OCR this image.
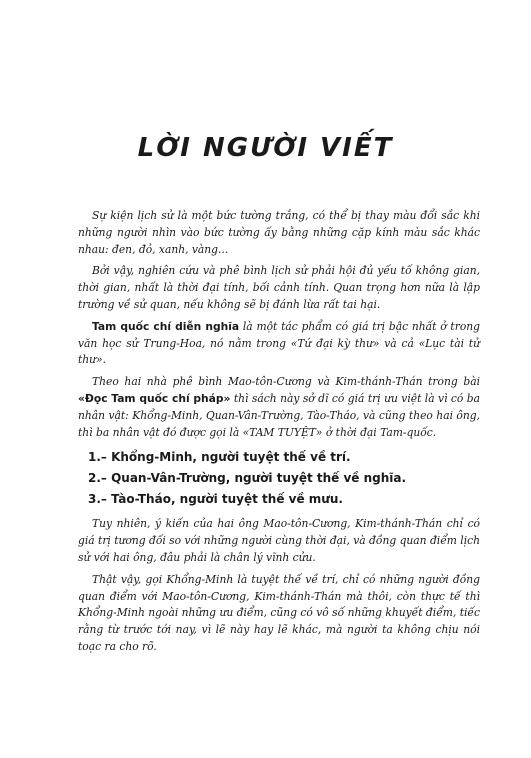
LỜI NGƯỜI VIẾT

Sự kiện lịch sử là một bức tường trắng, có thể bị thay màu đổi sắc khi những người nhìn vào bức tường ấy bằng những cặp kính màu sắc khác nhau: đen, đỏ, xanh, vàng...

Bởi vậy, nghiên cứu và phê bình lịch sử phải hội đủ yếu tố không gian, thời gian, nhất là thời đại tính, bối cảnh tính. Quan trọng hơn nữa là lập trường về sử quan, nếu không sẽ bị đánh lừa rất tai hại.

Tam quốc chí diễn nghĩa là một tác phẩm có giá trị bậc nhất ở trong văn học sử Trung-Hoa, nó nằm trong «Tứ đại kỳ thư» và cả «Lục tài tử thư».

Theo hai nhà phê bình Mao-tôn-Cương và Kim-thánh-Thán trong bài «Đọc Tam quốc chí pháp» thì sách này sở dĩ có giá trị ưu việt là vì có ba nhân vật: Khổng-Minh, Quan-Vân-Trường, Tào-Tháo, và cũng theo hai ông, thì ba nhân vật đó được gọi là «TAM TUYỆT» ở thời đại Tam-quốc.

1.– Khổng-Minh, người tuyệt thế về trí.
2.– Quan-Vân-Trường, người tuyệt thế về nghĩa.
3.– Tào-Tháo, người tuyệt thế về mưu.

Tuy nhiên, ý kiến của hai ông Mao-tôn-Cương, Kim-thánh-Thán chỉ có giá trị tương đối so với những người cùng thời đại, và đồng quan điểm lịch sử với hai ông, đâu phải là chân lý vĩnh cửu.

Thật vậy, gọi Khổng-Minh là tuyệt thế về trí, chỉ có những người đồng quan điểm với Mao-tôn-Cương, Kim-thánh-Thán mà thôi, còn thực tế thì Khổng-Minh ngoài những ưu điểm, cũng có vô số những khuyết điểm, tiếc rằng từ trước tới nay, vì lẽ này hay lẽ khác, mà người ta không chịu nói toạc ra cho rõ.
